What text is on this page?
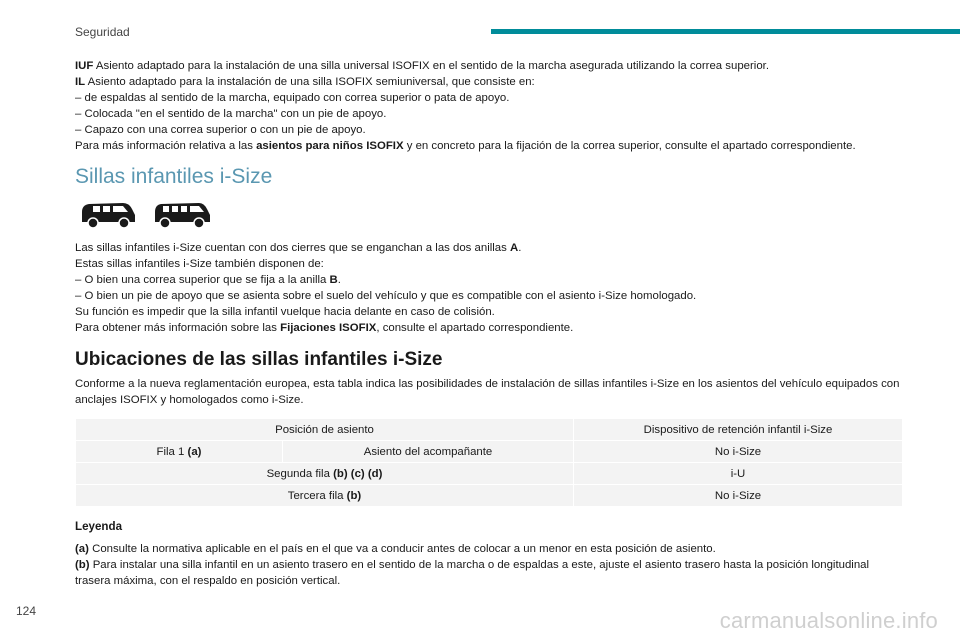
Seguridad

IUF Asiento adaptado para la instalación de una silla universal ISOFIX en el sentido de la marcha asegurada utilizando la correa superior.

IL Asiento adaptado para la instalación de una silla ISOFIX semiuniversal, que consiste en:

– de espaldas al sentido de la marcha, equipado con correa superior o pata de apoyo.

– Colocada "en el sentido de la marcha" con un pie de apoyo.

– Capazo con una correa superior o con un pie de apoyo.

Para más información relativa a las asientos para niños ISOFIX y en concreto para la fijación de la correa superior, consulte el apartado correspondiente.

Sillas infantiles i-Size

Las sillas infantiles i-Size cuentan con dos cierres que se enganchan a las dos anillas A.

Estas sillas infantiles i-Size también disponen de:

– O bien una correa superior que se fija a la anilla B.

– O bien un pie de apoyo que se asienta sobre el suelo del vehículo y que es compatible con el asiento i-Size homologado.

Su función es impedir que la silla infantil vuelque hacia delante en caso de colisión.

Para obtener más información sobre las Fijaciones ISOFIX, consulte el apartado correspondiente.

Ubicaciones de las sillas infantiles i-Size

Conforme a la nueva reglamentación europea, esta tabla indica las posibilidades de instalación de sillas infantiles i-Size en los asientos del vehículo equipados con anclajes ISOFIX y homologados como i-Size.

Posición de asiento		Dispositivo de retención infantil i-Size
Fila 1 (a)	Asiento del acompañante	No i-Size
Segunda fila (b) (c) (d)		i-U
Tercera fila (b)		No i-Size
Leyenda

(a) Consulte la normativa aplicable en el país en el que va a conducir antes de colocar a un menor en esta posición de asiento.

(b) Para instalar una silla infantil en un asiento trasero en el sentido de la marcha o de espaldas a este, ajuste el asiento trasero hasta la posición longitudinal trasera máxima, con el respaldo en posición vertical.

124	carmanualsonline.info
